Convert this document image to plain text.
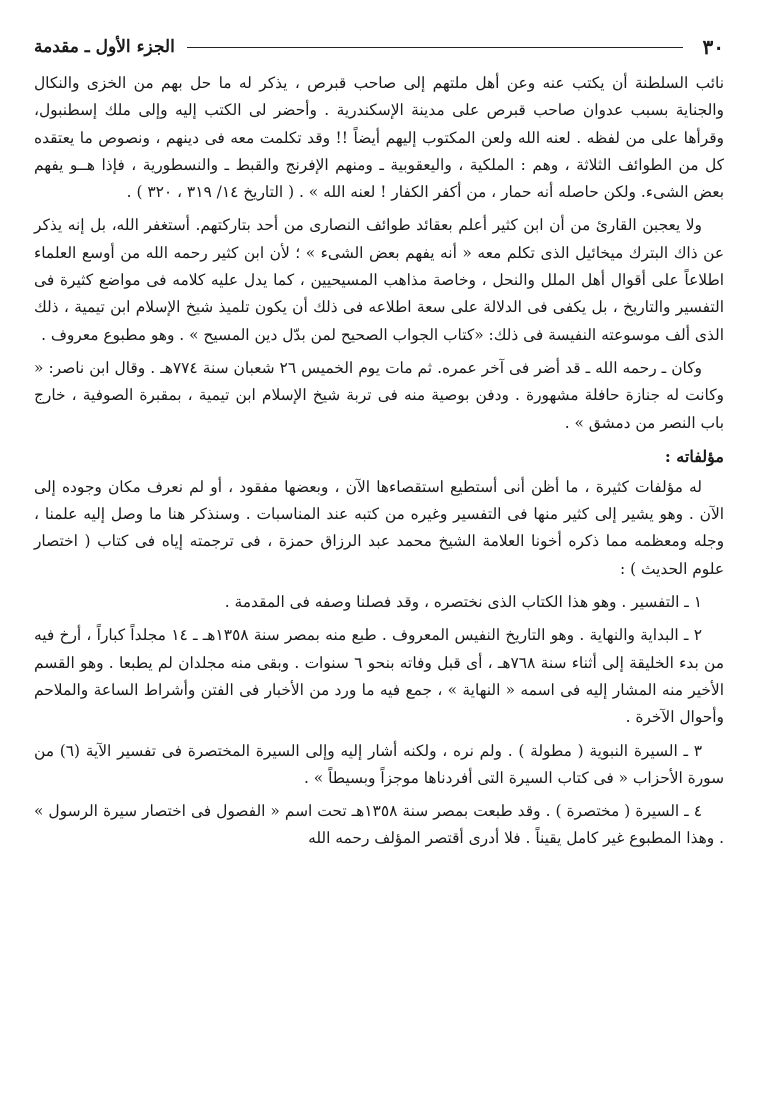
٣٠
الجزء الأول ـ مقدمة

نائب السلطنة أن يكتب عنه وعن أهل ملتهم إلى صاحب قبرص ، يذكر له ما حل بهم من الخزى والنكال والجناية بسبب عدوان صاحب قبرص على مدينة الإسكندرية . وأحضر لى الكتب إليه وإلى ملك إسطنبول، وقرأها على من لفظه . لعنه الله ولعن المكتوب إليهم أيضاً !! وقد تكلمت معه فى دينهم ، ونصوص ما يعتقده كل من الطوائف الثلاثة ، وهم : الملكية ، واليعقوبية ـ ومنهم الإفرنج والقبط ـ والنسطورية ، فإذا هــو يفهم بعض الشىء. ولكن حاصله أنه حمار ، من أكفر الكفار ! لعنه الله » . ( التاريخ ١٤/ ٣١٩ ، ٣٢٠ ) .

ولا يعجبن القارئ من أن ابن كثير أعلم بعقائد طوائف النصارى من أحد بتاركتهم. أستغفر الله، بل إنه يذكر عن ذاك البترك ميخائيل الذى تكلم معه « أنه يفهم بعض الشىء » ؛ لأن ابن كثير رحمه الله من أوسع العلماء اطلاعاً على أقوال أهل الملل والنحل ، وخاصة مذاهب المسيحيين ، كما يدل عليه كلامه فى مواضع كثيرة فى التفسير والتاريخ ، بل يكفى فى الدلالة على سعة اطلاعه فى ذلك أن يكون تلميذ شيخ الإسلام ابن تيمية ، ذلك الذى ألف موسوعته النفيسة فى ذلك: «كتاب الجواب الصحيح لمن بدّل دين المسيح » . وهو مطبوع معروف .

وكان ـ رحمه الله ـ قد أضر فى آخر عمره. ثم مات يوم الخميس ٢٦ شعبان سنة ٧٧٤هـ . وقال ابن ناصر: « وكانت له جنازة حافلة مشهورة . ودفن بوصية منه فى تربة شيخ الإسلام ابن تيمية ، بمقبرة الصوفية ، خارج باب النصر من دمشق » .

مؤلفاته :

له مؤلفات كثيرة ، ما أظن أنى أستطيع استقصاءها الآن ، وبعضها مفقود ، أو لم نعرف مكان وجوده إلى الآن . وهو يشير إلى كثير منها فى التفسير وغيره من كتبه عند المناسبات . وسنذكر هنا ما وصل إليه علمنا ، وجله ومعظمه مما ذكره أخونا العلامة الشيخ محمد عبد الرزاق حمزة ، فى ترجمته إياه فى كتاب ( اختصار علوم الحديث ) :

١ ـ التفسير . وهو هذا الكتاب الذى نختصره ، وقد فصلنا وصفه فى المقدمة .

٢ ـ البداية والنهاية . وهو التاريخ النفيس المعروف . طبع منه بمصر سنة ١٣٥٨هـ ـ ١٤ مجلداً كباراً ، أرخ فيه من بدء الخليقة إلى أثناء سنة ٧٦٨هـ ، أى قبل وفاته بنحو ٦ سنوات . وبقى منه مجلدان لم يطبعا . وهو القسم الأخير منه المشار إليه فى اسمه « النهاية » ، جمع فيه ما ورد من الأخبار فى الفتن وأشراط الساعة والملاحم وأحوال الآخرة .

٣ ـ السيرة النبوية ( مطولة ) . ولم نره ، ولكنه أشار إليه وإلى السيرة المختصرة فى تفسير الآية (٦) من سورة الأحزاب « فى كتاب السيرة التى أفردناها موجزاً وبسيطاً » .

٤ ـ السيرة ( مختصرة ) . وقد طبعت بمصر سنة ١٣٥٨هـ تحت اسم « الفصول فى اختصار سيرة الرسول » . وهذا المطبوع غير كامل يقيناً . فلا أدرى أقتصر المؤلف رحمه الله
